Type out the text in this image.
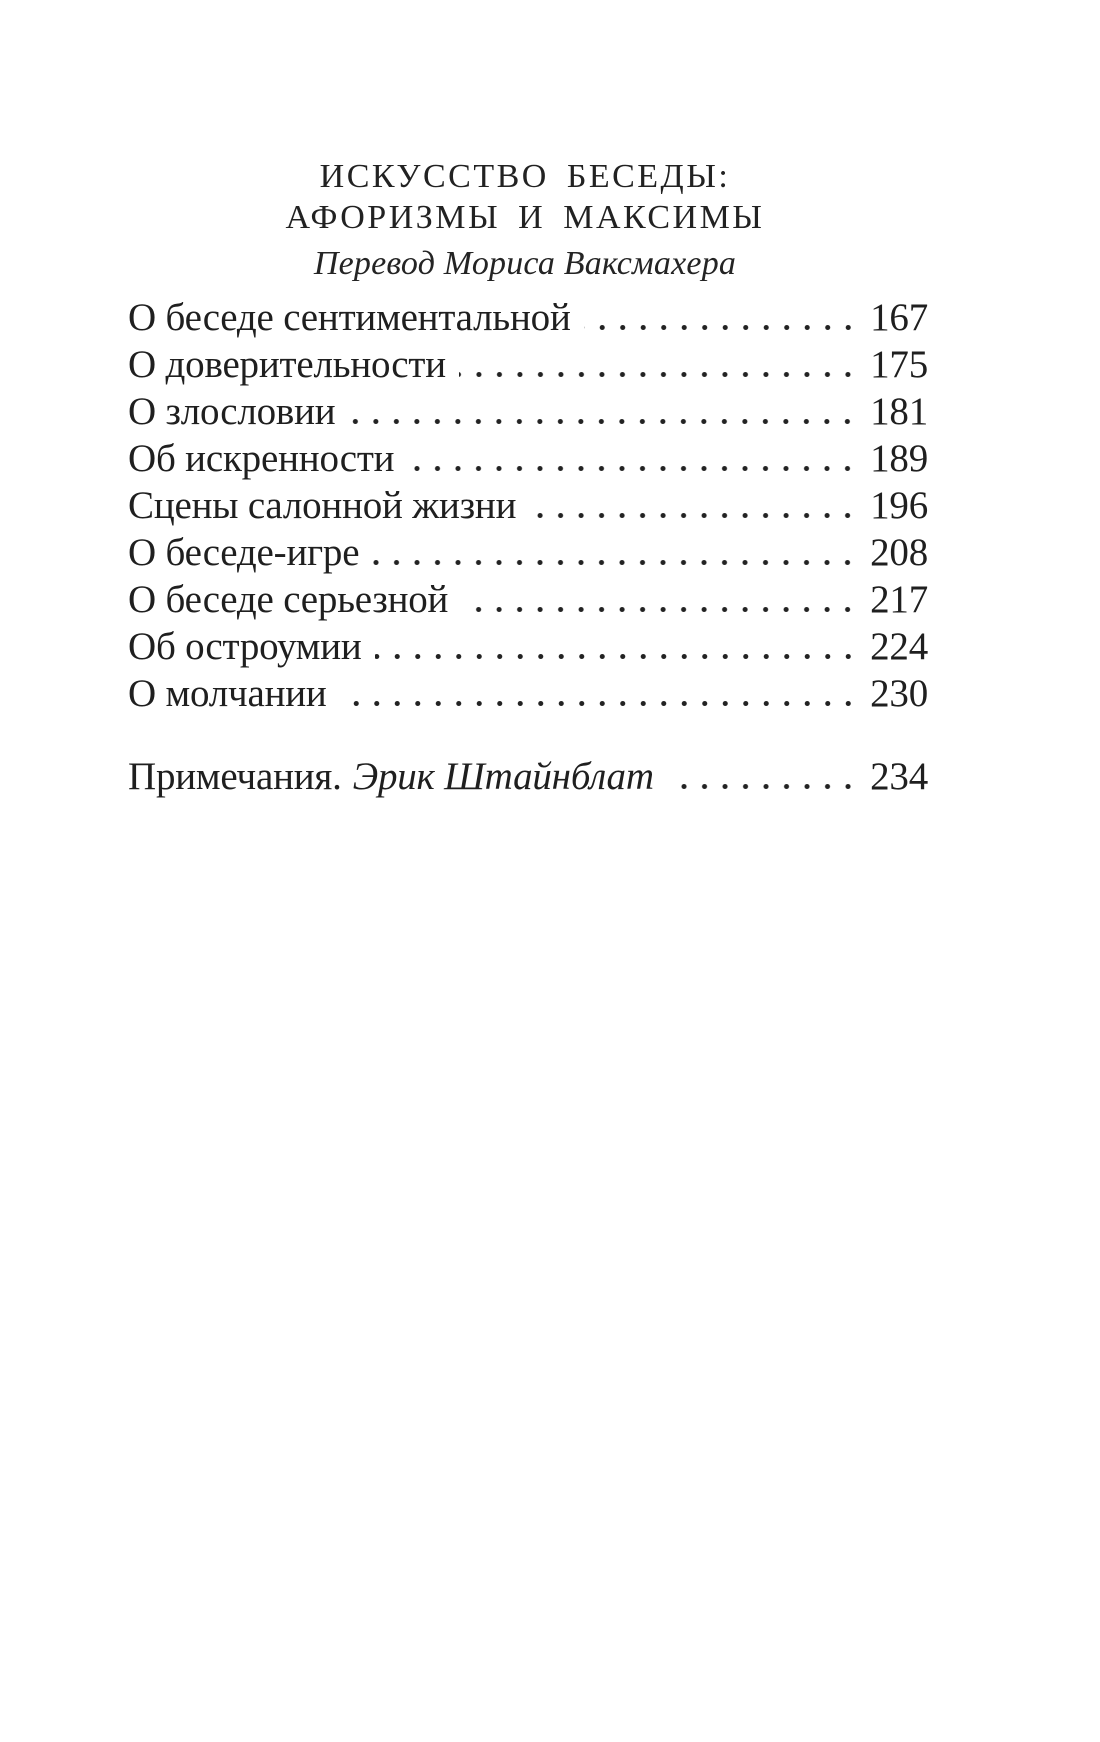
ИСКУССТВО БЕСЕДЫ:
АФОРИЗМЫ И МАКСИМЫ

Перевод Мориса Ваксмахера

О беседе сентиментальной	167
О доверительности	175
О злословии	181
Об искренности	189
Сцены салонной жизни	196
О беседе-игре	208
О беседе серьезной	217
Об остроумии	224
О молчании	230
Примечания. Эрик Штайнблат	234
